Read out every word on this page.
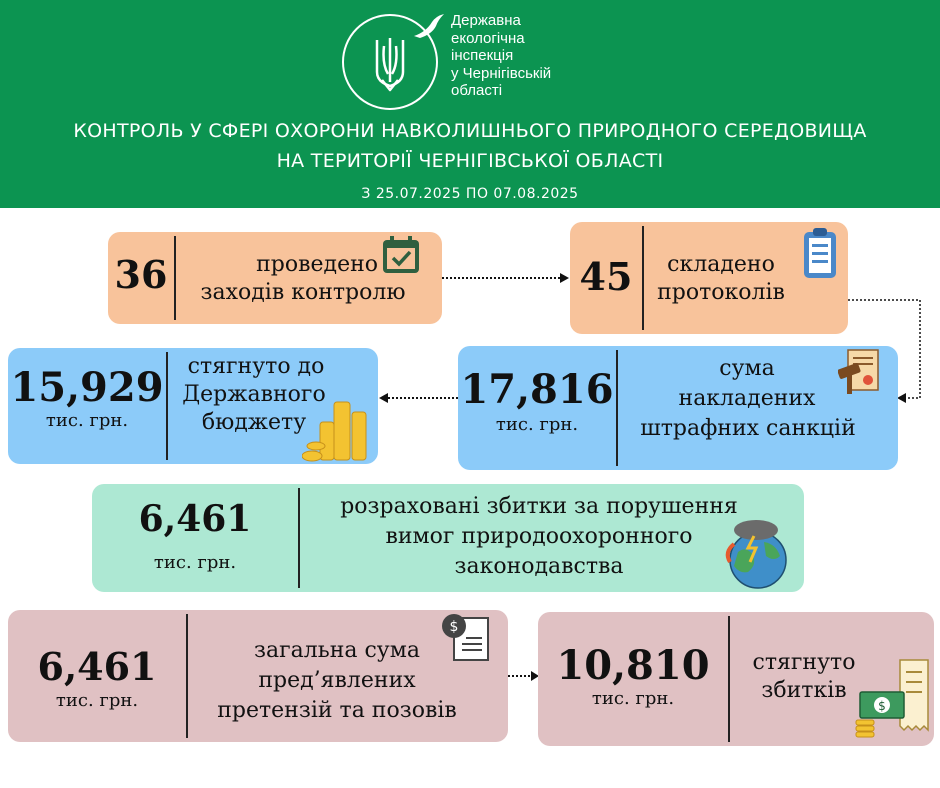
Державна
екологічна
інспекція
у Чернігівській
області
КОНТРОЛЬ У СФЕРІ ОХОРОНИ НАВКОЛИШНЬОГО ПРИРОДНОГО СЕРЕДОВИЩА
НА ТЕРИТОРІЇ ЧЕРНІГІВСЬКОЇ ОБЛАСТІ
З 25.07.2025 ПО 07.08.2025
36	проведено
заходів контролю	45	складено
протоколів
15,929
тис. грн.
стягнуто до
Державного
бюджету
17,816
тис. грн.
сума
накладених
штрафних санкцій
6,461
тис. грн.
розраховані збитки за порушення
вимог природоохоронного
законодавства
6,461
тис. грн.
загальна сума
пред’явлених
претензій та позовів
$
10,810
тис. грн.
стягнуто
збитків
$
